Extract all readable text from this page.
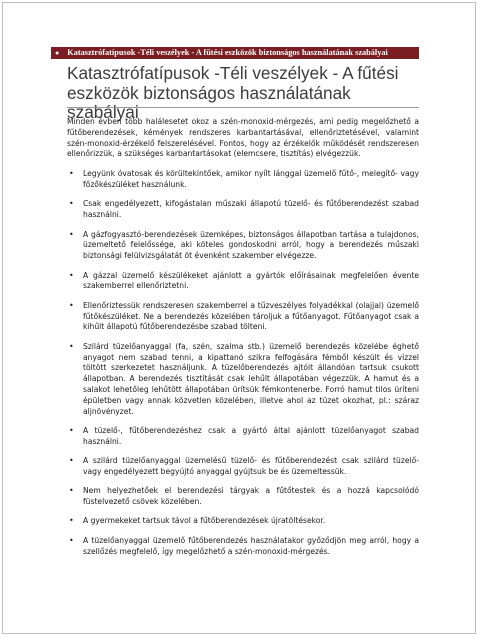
● Katasztrófatípusok -Téli veszélyek - A fűtési eszközök biztonságos használatának szabályai
Katasztrófatípusok -Téli veszélyek - A fűtési eszközök biztonságos használatának szabályai

Minden évben több halálesetet okoz a szén-monoxid-mérgezés, ami pedig megelőzhető a fűtőberendezések, kémények rendszeres karbantartásával, ellenőriztetésével, valamint szén-monoxid-érzékelő felszerelésével. Fontos, hogy az érzékelők működését rendszeresen ellenőrizzük, a szükséges karbantartásokat (elemcsere, tisztítás) elvégezzük.

• Legyünk óvatosak és körültekintőek, amikor nyílt lánggal üzemelő fűtő-, melegítő- vagy főzőkészüléket használunk.
• Csak engedélyezett, kifogástalan műszaki állapotú tüzelő- és fűtőberendezést szabad használni.
• A gázfogyasztó-berendezések üzemképes, biztonságos állapotban tartása a tulajdonos, üzemeltető felelőssége, aki köteles gondoskodni arról, hogy a berendezés műszaki biztonsági felülvizsgálatát öt évenként szakember elvégezze.
• A gázzal üzemelő készülékeket ajánlott a gyártók előírásainak megfelelően évente szakemberrel ellenőriztetni.
• Ellenőriztessük rendszeresen szakemberrel a tűzveszélyes folyadékkal (olajjal) üzemelő fűtőkészüléket. Ne a berendezés közelében tároljuk a fűtőanyagot. Fűtőanyagot csak a kihűlt állapotú fűtőberendezésbe szabad tölteni.
• Szilárd tüzelőanyaggal (fa, szén, szalma stb.) üzemelő berendezés közelébe éghető anyagot nem szabad tenni, a kipattanó szikra felfogására fémből készült és vízzel töltött szerkezetet használjunk. A tüzelőberendezés ajtóit állandóan tartsuk csukott állapotban. A berendezés tisztítását csak lehűlt állapotában végezzük. A hamut és a salakot lehetőleg lehűtött állapotában ürítsük fémkontenerbe. Forró hamut tilos üríteni épületben vagy annak közvetlen közelében, illetve ahol az tüzet okozhat, pl.: száraz aljnövényzet.
• A tüzelő-, fűtőberendezéshez csak a gyártó által ajánlott tüzelőanyagot szabad használni.
• A szilárd tüzelőanyaggal üzemelésű tüzelő- és fűtőberendezést csak szilárd tüzelő- vagy engedélyezett begyújtó anyaggal gyújtsuk be és üzemeltessük.
• Nem helyezhetőek el berendezési tárgyak a fűtőtestek és a hozzá kapcsolódó füstelvezető csövek közelében.
• A gyermekeket tartsuk távol a fűtőberendezések újratöltésekor.
• A tüzelőanyaggal üzemelő fűtőberendezés használatakor győződjön meg arról, hogy a szellőzés megfelelő, így megelőzhető a szén-monoxid-mérgezés.
